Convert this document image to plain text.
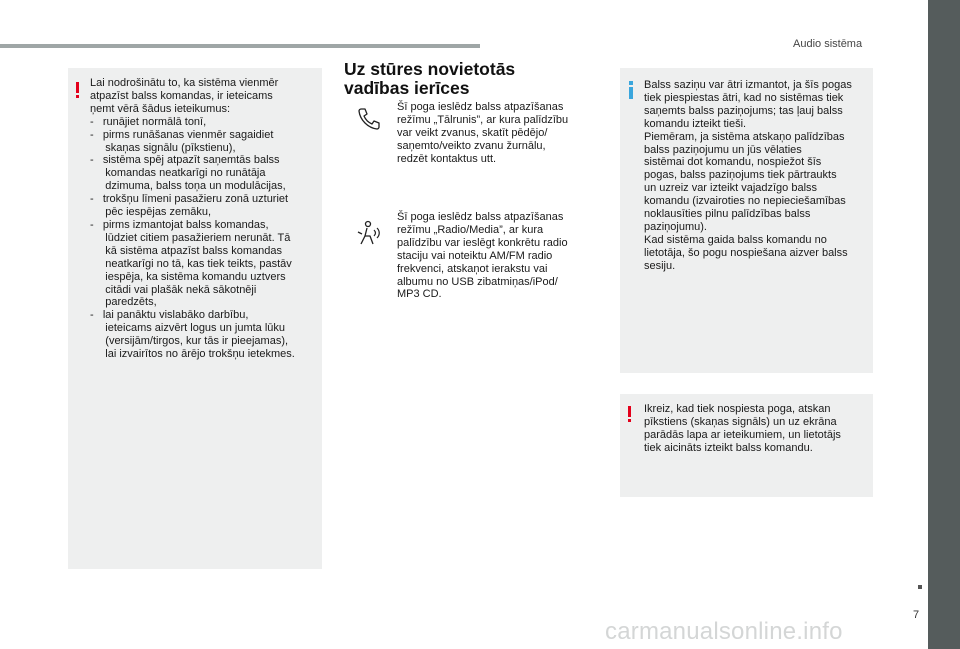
Audio sistēma
Lai nodrošinātu to, ka sistēma vienmēr
atpazīst balss komandas, ir ieteicams
ņemt vērā šādus ieteikumus:
-   runājiet normālā tonī,
-   pirms runāšanas vienmēr sagaidiet
skaņas signālu (pīkstienu),
-   sistēma spēj atpazīt saņemtās balss
komandas neatkarīgi no runātāja
dzimuma, balss toņa un modulācijas,
-   trokšņu līmeni pasažieru zonā uzturiet
pēc iespējas zemāku,
-   pirms izmantojat balss komandas,
lūdziet citiem pasažieriem nerunāt. Tā
kā sistēma atpazīst balss komandas
neatkarīgi no tā, kas tiek teikts, pastāv
iespēja, ka sistēma komandu uztvers
citādi vai plašāk nekā sākotnēji
paredzēts,
-   lai panāktu vislabāko darbību,
ieteicams aizvērt logus un jumta lūku
(versijām/tirgos, kur tās ir pieejamas),
lai izvairītos no ārējo trokšņu ietekmes.
Uz stūres novietotās
vadības ierīces
Šī poga ieslēdz balss atpazīšanas
režīmu „Tālrunis”, ar kura palīdzību
var veikt zvanus, skatīt pēdējo/
saņemto/veikto zvanu žurnālu,
redzēt kontaktus utt.
Šī poga ieslēdz balss atpazīšanas
režīmu „Radio/Media”, ar kura
palīdzību var ieslēgt konkrētu radio
staciju vai noteiktu AM/FM radio
frekvenci, atskaņot ierakstu vai
albumu no USB zibatmiņas/iPod/
MP3 CD.
Balss saziņu var ātri izmantot, ja šīs pogas
tiek piespiestas ātri, kad no sistēmas tiek
saņemts balss paziņojums; tas ļauj balss
komandu izteikt tieši.
Piemēram, ja sistēma atskaņo palīdzības
balss paziņojumu un jūs vēlaties
sistēmai dot komandu, nospiežot šīs
pogas, balss paziņojums tiek pārtraukts
un uzreiz var izteikt vajadzīgo balss
komandu (izvairoties no nepieciešamības
noklausīties pilnu palīdzības balss
paziņojumu).
Kad sistēma gaida balss komandu no
lietotāja, šo pogu nospiešana aizver balss
sesiju.
Ikreiz, kad tiek nospiesta poga, atskan
pīkstiens (skaņas signāls) un uz ekrāna
parādās lapa ar ieteikumiem, un lietotājs
tiek aicināts izteikt balss komandu.
7
carmanualsonline.info
